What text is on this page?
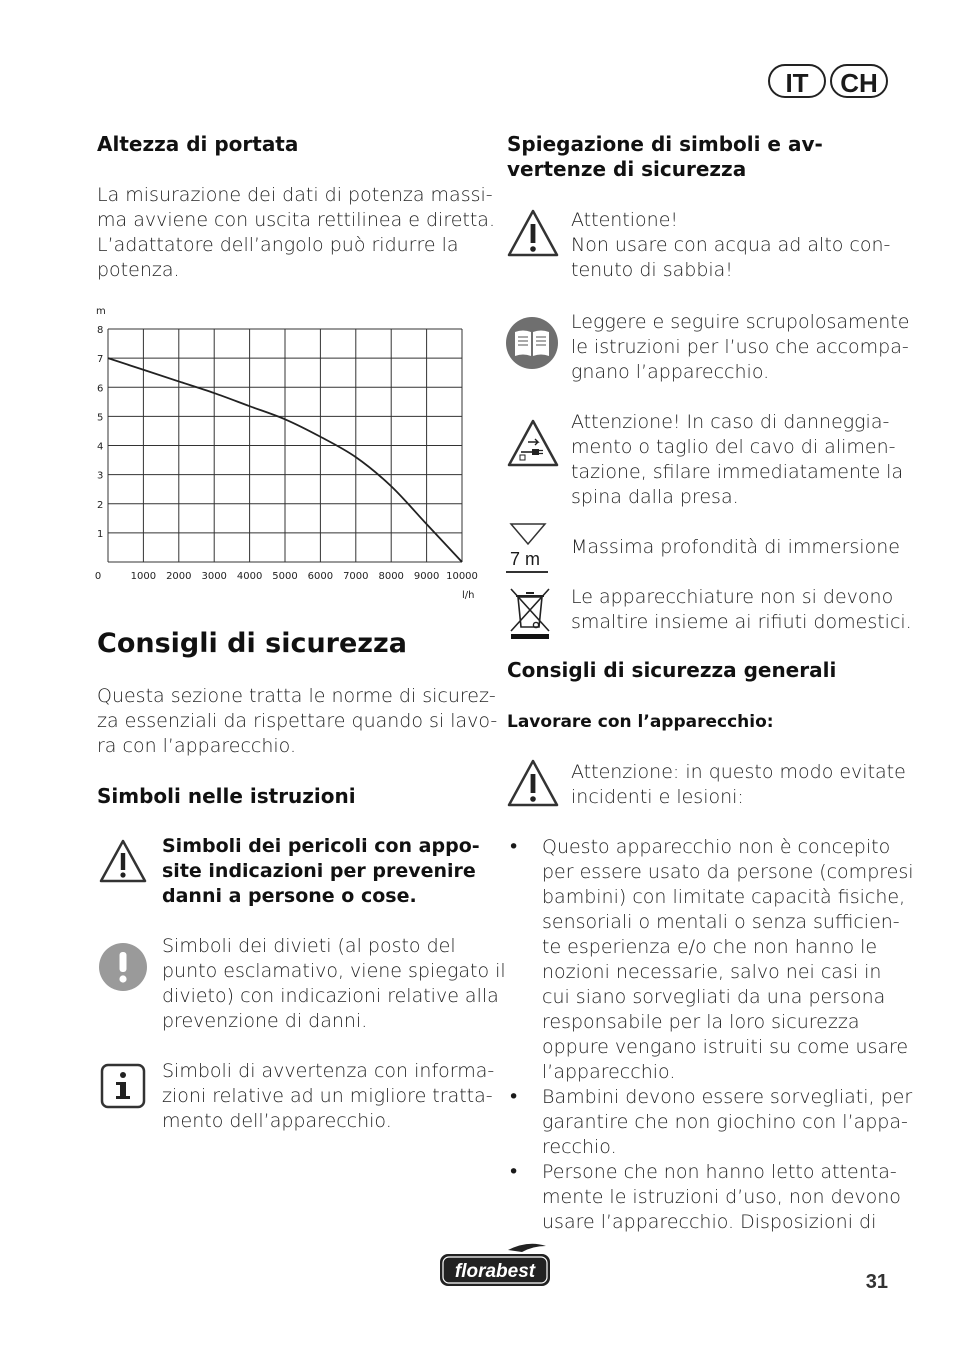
IT	CH
Altezza di portata

La misurazione dei dati di potenza massi-
ma avviene con uscita rettilinea e diretta.
L’adattatore dell’angolo può ridurre la
potenza.

m
l/h
1
2
3
4
5
6
7
8
0	1000 2000 3000 4000 5000 6000 7000 8000 9000 10000
Consigli di sicurezza

Questa sezione tratta le norme di sicurez-
za essenziali da rispettare quando si lavo-
ra con l’apparecchio.

Simboli nelle istruzioni

Simboli dei pericoli con appo-
site indicazioni per prevenire
danni a persone o cose.

Simboli dei divieti (al posto del
punto esclamativo, viene spiegato il
divieto) con indicazioni relative alla
prevenzione di danni.

Simboli di avvertenza con informa-
zioni relative ad un migliore tratta-
mento dell’apparecchio.

Spiegazione di simboli e av-
vertenze di sicurezza

Attentione!
Non usare con acqua ad alto con-
tenuto di sabbia!

Leggere e seguire scrupolosamente
le istruzioni per l’uso che accompa-
gnano l’apparecchio.

Attenzione! In caso di danneggia-
mento o taglio del cavo di alimen-
tazione, sfilare immediatamente la
spina dalla presa.

7 m

Massima profondità di immersione

Le apparecchiature non si devono
smaltire insieme ai rifiuti domestici.

Consigli di sicurezza generali
Lavorare con l’apparecchio:

Attenzione: in questo modo evitate
incidenti e lesioni:

• Questo apparecchio non è concepito
per essere usato da persone (compresi
bambini) con limitate capacità fisiche,
sensoriali o mentali o senza sufficien-
te esperienza e/o che non hanno le
nozioni necessarie, salvo nei casi in
cui siano sorvegliati da una persona
responsabile per la loro sicurezza
oppure vengano istruiti su come usare
l’apparecchio.

• Bambini devono essere sorvegliati, per
garantire che non giochino con l’appa-
recchio.

• Persone che non hanno letto attenta-
mente le istruzioni d’uso, non devono
usare l’apparecchio. Disposizioni di

florabest	31
